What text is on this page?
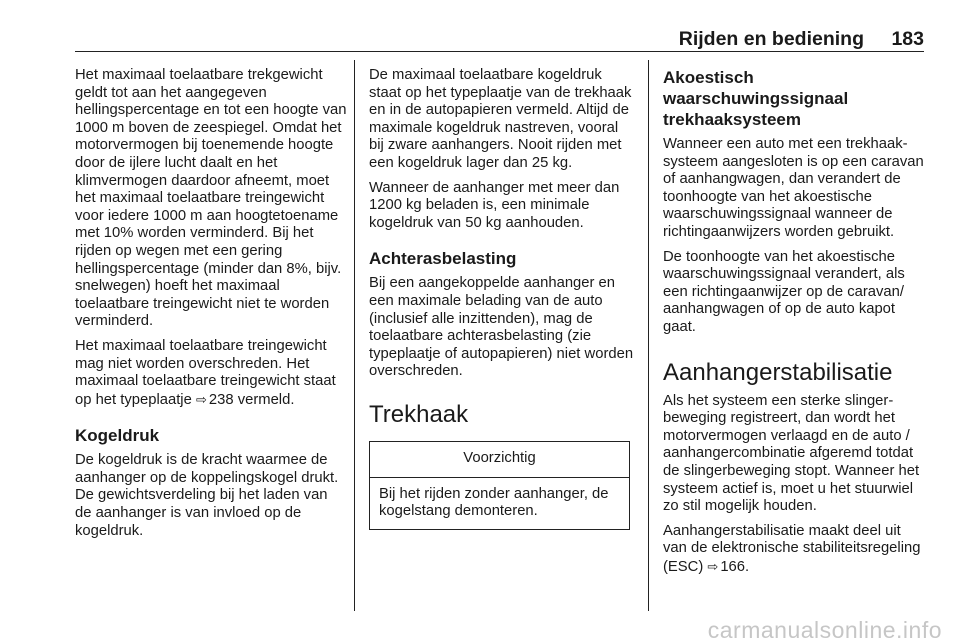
Rijden en bediening 183

Het maximaal toelaatbare trekgewicht geldt tot aan het aangegeven hellingspercentage en tot een hoogte van 1000 m boven de zeespiegel. Omdat het motorvermogen bij toenemende hoogte door de ijlere lucht daalt en het klimvermogen daardoor afneemt, moet het maximaal toelaatbare treingewicht voor iedere 1000 m aan hoogtetoename met 10% worden verminderd. Bij het rijden op wegen met een gering hellingspercentage (minder dan 8%, bijv. snelwegen) hoeft het maximaal toelaatbare treingewicht niet te worden verminderd.

Het maximaal toelaatbare treingewicht mag niet worden overschreden. Het maximaal toelaatbare treingewicht staat op het typeplaatje ⇨ 238 vermeld.

Kogeldruk

De kogeldruk is de kracht waarmee de aanhanger op de koppelingskogel drukt. De gewichtsverdeling bij het laden van de aanhanger is van invloed op de kogeldruk.

De maximaal toelaatbare kogeldruk staat op het typeplaatje van de trekhaak en in de autopapieren vermeld. Altijd de maximale kogeldruk nastreven, vooral bij zware aanhangers. Nooit rijden met een kogeldruk lager dan 25 kg.

Wanneer de aanhanger met meer dan 1200 kg beladen is, een minimale kogeldruk van 50 kg aanhouden.

Achterasbelasting

Bij een aangekoppelde aanhanger en een maximale belading van de auto (inclusief alle inzittenden), mag de toelaatbare achterasbelasting (zie typeplaatje of autopapieren) niet worden overschreden.

Trekhaak
Voorzichtig
Bij het rijden zonder aanhanger, de kogelstang demonteren.
Akoestisch waarschuwingssignaal trekhaaksysteem

Wanneer een auto met een trekhaaksysteem aangesloten is op een caravan of aanhangwagen, dan verandert de toonhoogte van het akoestische waarschuwingssignaal wanneer de richtingaanwijzers worden gebruikt.

De toonhoogte van het akoestische waarschuwingssignaal verandert, als een richtingaanwijzer op de caravan/ aanhangwagen of op de auto kapot gaat.

Aanhangerstabilisatie

Als het systeem een sterke slingerbeweging registreert, dan wordt het motorvermogen verlaagd en de auto / aanhangercombinatie afgeremd totdat de slingerbeweging stopt. Wanneer het systeem actief is, moet u het stuurwiel zo stil mogelijk houden.

Aanhangerstabilisatie maakt deel uit van de elektronische stabiliteitsregeling (ESC) ⇨ 166.

carmanualsonline.info
